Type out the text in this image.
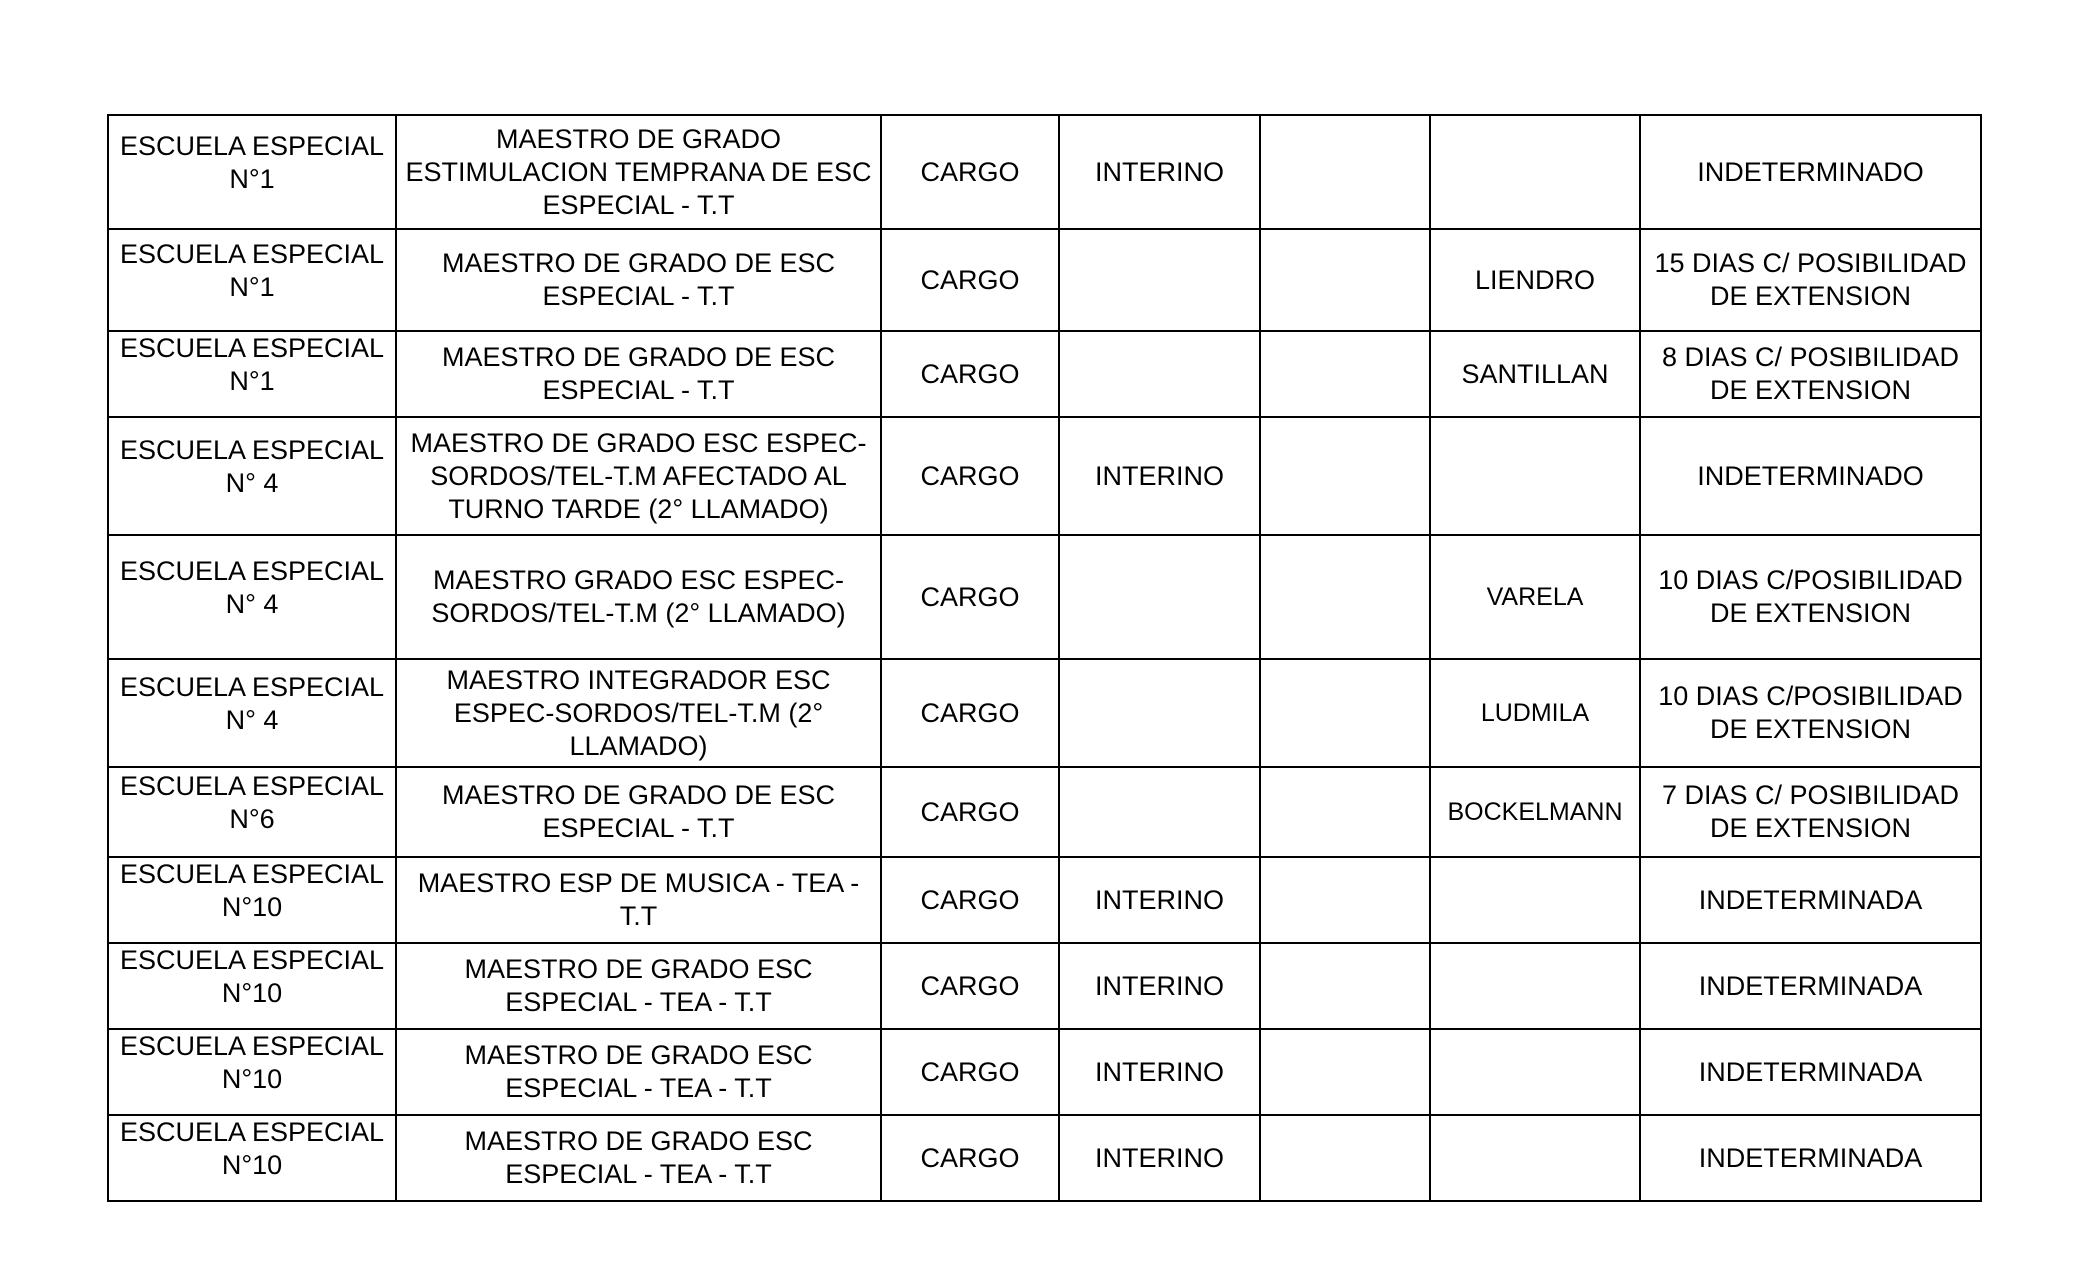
ESCUELA ESPECIAL N°1	MAESTRO DE GRADO ESTIMULACION TEMPRANA DE ESC ESPECIAL - T.T	CARGO	INTERINO			INDETERMINADO
ESCUELA ESPECIAL N°1	MAESTRO DE GRADO DE ESC ESPECIAL - T.T	CARGO			LIENDRO	15 DIAS C/ POSIBILIDAD DE EXTENSION
ESCUELA ESPECIAL N°1	MAESTRO DE GRADO DE ESC ESPECIAL - T.T	CARGO			SANTILLAN	8 DIAS C/ POSIBILIDAD DE EXTENSION
ESCUELA ESPECIAL N° 4	MAESTRO DE GRADO ESC ESPEC-SORDOS/TEL-T.M AFECTADO AL TURNO TARDE (2° LLAMADO)	CARGO	INTERINO			INDETERMINADO
ESCUELA ESPECIAL N° 4	MAESTRO GRADO ESC ESPEC-SORDOS/TEL-T.M (2° LLAMADO)	CARGO			VARELA	10 DIAS C/POSIBILIDAD DE EXTENSION
ESCUELA ESPECIAL N° 4	MAESTRO INTEGRADOR ESC ESPEC-SORDOS/TEL-T.M (2° LLAMADO)	CARGO			LUDMILA	10 DIAS C/POSIBILIDAD DE EXTENSION
ESCUELA ESPECIAL N°6	MAESTRO DE GRADO DE ESC ESPECIAL - T.T	CARGO			BOCKELMANN	7 DIAS C/ POSIBILIDAD DE EXTENSION
ESCUELA ESPECIAL N°10	MAESTRO ESP DE MUSICA - TEA - T.T	CARGO	INTERINO			INDETERMINADA
ESCUELA ESPECIAL N°10	MAESTRO DE GRADO ESC ESPECIAL - TEA - T.T	CARGO	INTERINO			INDETERMINADA
ESCUELA ESPECIAL N°10	MAESTRO DE GRADO ESC ESPECIAL - TEA - T.T	CARGO	INTERINO			INDETERMINADA
ESCUELA ESPECIAL N°10	MAESTRO DE GRADO ESC ESPECIAL - TEA - T.T	CARGO	INTERINO			INDETERMINADA
